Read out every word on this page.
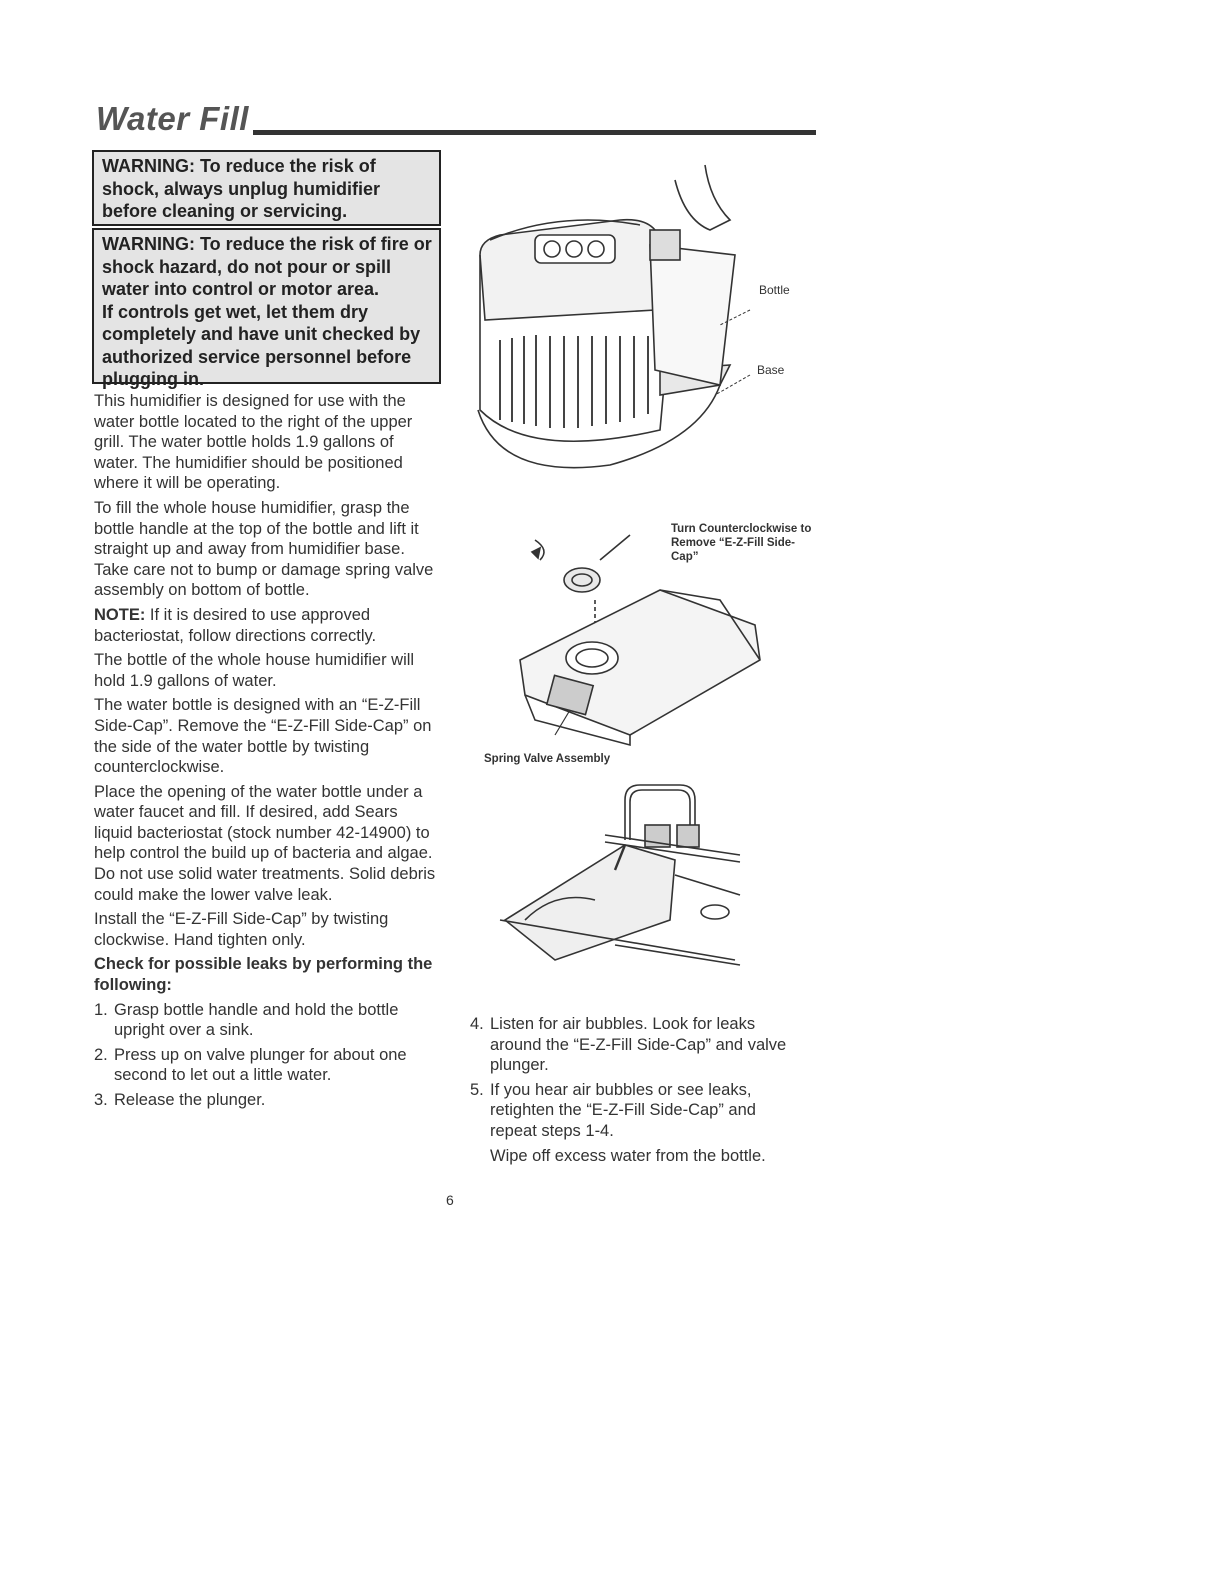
Water Fill

WARNING: To reduce the risk of shock, always unplug humidifier before cleaning or servicing.

WARNING: To reduce the risk of fire or shock hazard, do not pour or spill water into control or motor area.

If controls get wet, let them dry completely and have unit checked by authorized service personnel before plugging in.

This humidifier is designed for use with the water bottle located to the right of the upper grill. The water bottle holds 1.9 gallons of water. The humidifier should be positioned where it will be operating.

To fill the whole house humidifier, grasp the bottle handle at the top of the bottle and lift it straight up and away from humidifier base. Take care not to bump or damage spring valve assembly on bottom of bottle.

NOTE: If it is desired to use approved bacteriostat, follow directions correctly.

The bottle of the whole house humidifier will hold 1.9 gallons of water.

The water bottle is designed with an “E-Z-Fill Side-Cap”. Remove the “E-Z-Fill Side-Cap” on the side of the water bottle by twisting counterclockwise.

Place the opening of the water bottle under a water faucet and fill. If desired, add Sears liquid bacteriostat (stock number 42-14900) to help control the build up of bacteria and algae. Do not use solid water treatments. Solid debris could make the lower valve leak.

Install the “E-Z-Fill Side-Cap” by twisting clockwise. Hand tighten only.

Check for possible leaks by performing the following:

1. Grasp bottle handle and hold the bottle upright over a sink.
2. Press up on valve plunger for about one second to let out a little water.
3. Release the plunger.
4. Listen for air bubbles. Look for leaks around the “E-Z-Fill Side-Cap” and valve plunger.
5. If you hear air bubbles or see leaks, retighten the “E-Z-Fill Side-Cap” and repeat steps 1-4.

Wipe off excess water from the bottle.

Bottle
Base
Turn Counterclockwise to Remove “E-Z-Fill Side-Cap”
Spring Valve Assembly
6
